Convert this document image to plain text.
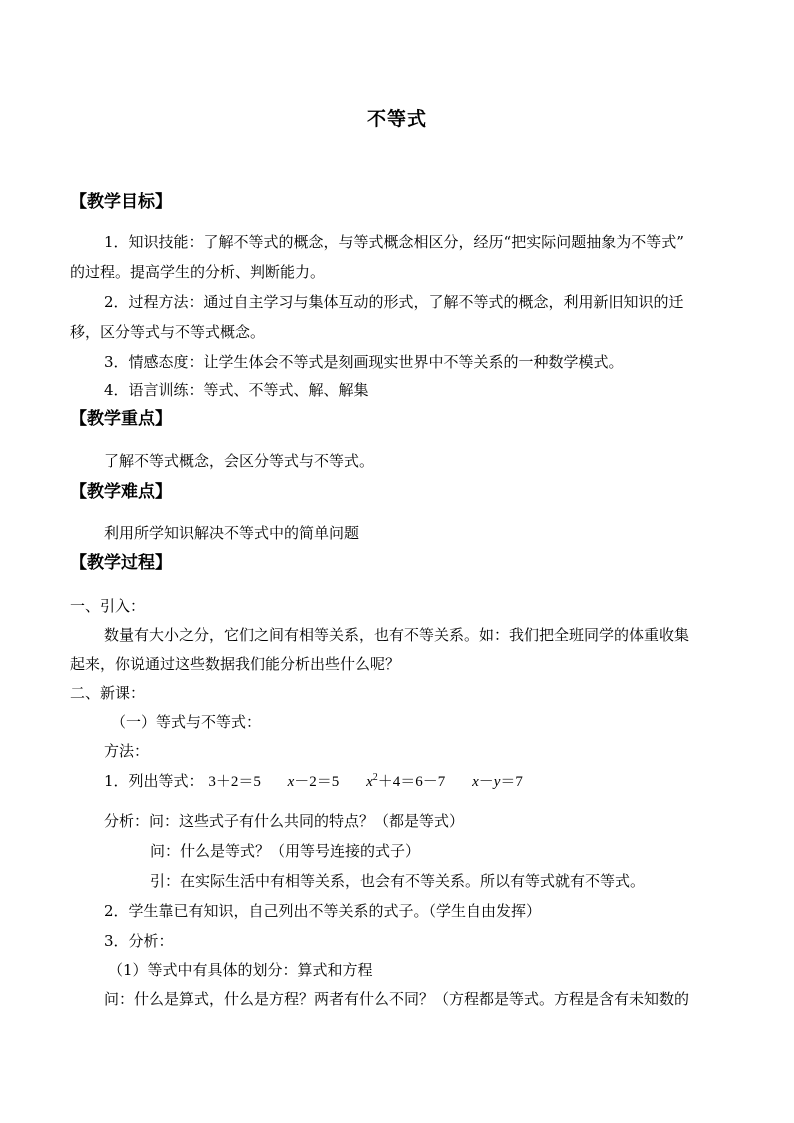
不等式
【教学目标】
1．知识技能：了解不等式的概念，与等式概念相区分，经历“把实际问题抽象为不等式”
的过程。提高学生的分析、判断能力。
2．过程方法：通过自主学习与集体互动的形式，了解不等式的概念，利用新旧知识的迁
移，区分等式与不等式概念。
3．情感态度：让学生体会不等式是刻画现实世界中不等关系的一种数学模式。
4．语言训练：等式、不等式、解、解集
【教学重点】
了解不等式概念，会区分等式与不等式。
【教学难点】
利用所学知识解决不等式中的简单问题
【教学过程】
一、引入：
数量有大小之分，它们之间有相等关系，也有不等关系。如：我们把全班同学的体重收集
起来，你说通过这些数据我们能分析出些什么呢？
二、新课：
（一）等式与不等式：
方法：
1．列出等式： 3＋2＝5 x－2＝5 $x^2+4=6-7$ x－y＝7
分析：问：这些式子有什么共同的特点？（都是等式）
问：什么是等式？（用等号连接的式子）
引：在实际生活中有相等关系，也会有不等关系。所以有等式就有不等式。
2．学生靠已有知识，自己列出不等关系的式子。（学生自由发挥）
3．分析：
（1）等式中有具体的划分：算式和方程
问：什么是算式，什么是方程？两者有什么不同？（方程都是等式。方程是含有未知数的
